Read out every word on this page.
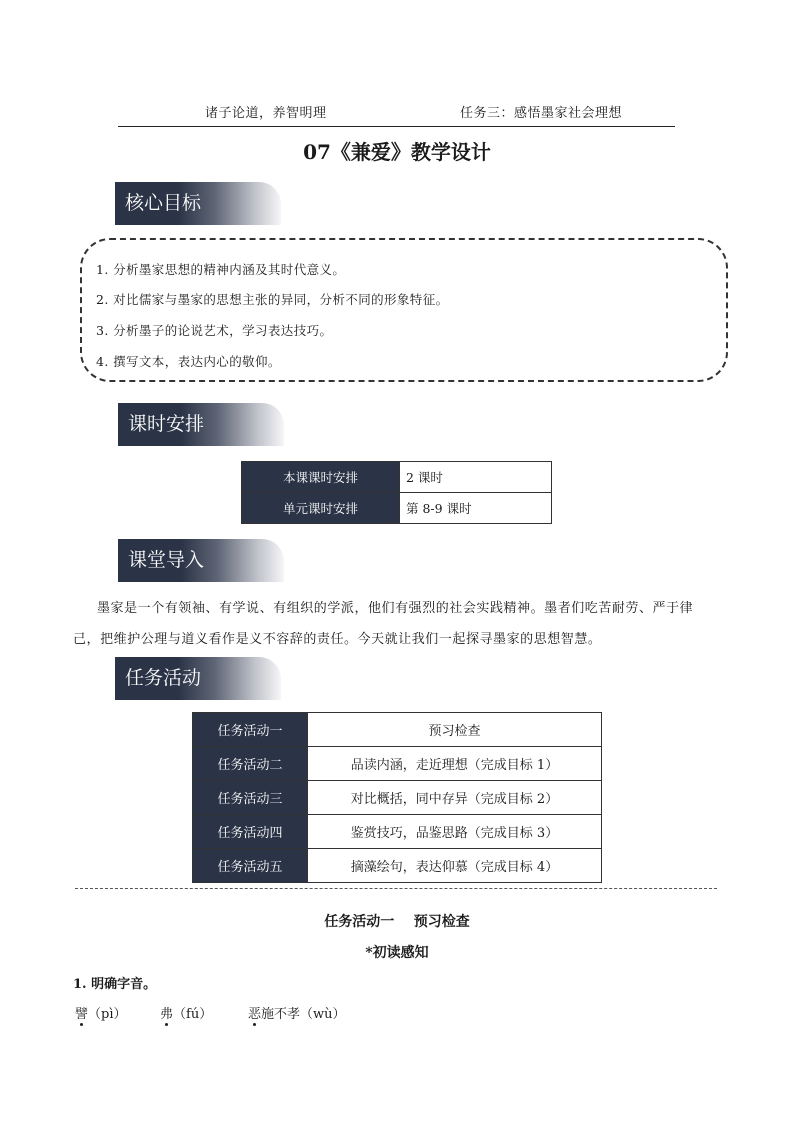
诸子论道，养智明理	任务三：感悟墨家社会理想
07《兼爱》教学设计
核心目标
1. 分析墨家思想的精神内涵及其时代意义。
2. 对比儒家与墨家的思想主张的异同，分析不同的形象特征。
3. 分析墨子的论说艺术，学习表达技巧。
4. 撰写文本，表达内心的敬仰。
课时安排
本课课时安排	2 课时
单元课时安排	第 8-9 课时
课堂导入
墨家是一个有领袖、有学说、有组织的学派，他们有强烈的社会实践精神。墨者们吃苦耐劳、严于律
己，把维护公理与道义看作是义不容辞的责任。今天就让我们一起探寻墨家的思想智慧。
任务活动
任务活动一	预习检查
任务活动二	品读内涵，走近理想（完成目标 1）
任务活动三	对比概括，同中存异（完成目标 2）
任务活动四	鉴赏技巧，品鉴思路（完成目标 3）
任务活动五	摘藻绘句，表达仰慕（完成目标 4）
任务活动一    预习检查
*初读感知
1. 明确字音。
譬（pì）	弗（fú）	恶施不孝（wù）
